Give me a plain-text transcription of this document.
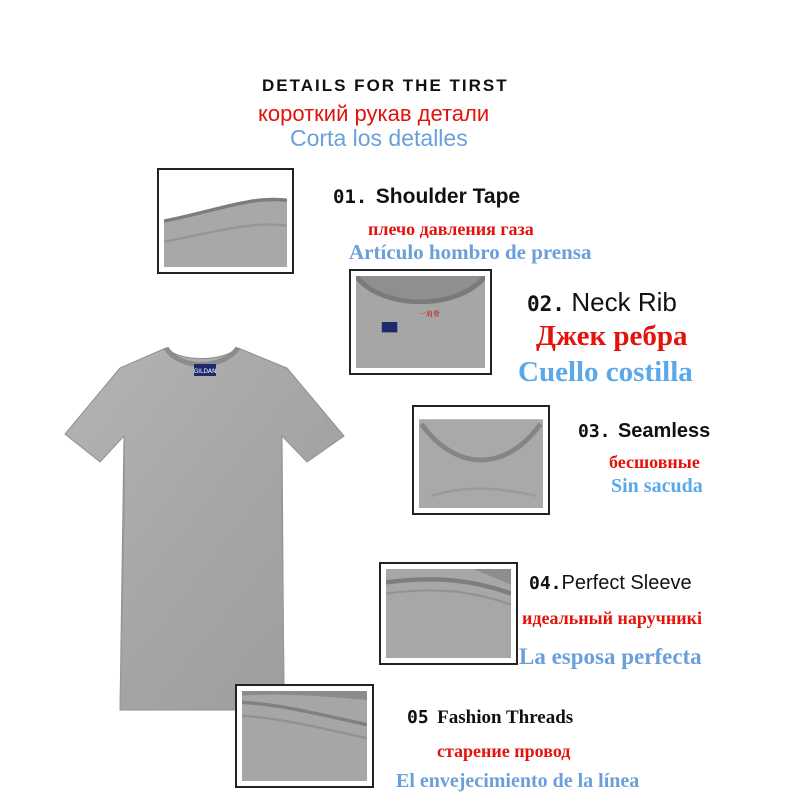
DETAILS FOR THE TIRST
короткий рукав детали
Corta los detalles
GILDAN
一肩骨
01. Shoulder Tape
плечо давления газа
Artículo hombro de prensa
02. Neck Rib
Джек ребра
Cuello costilla
03. Seamless
бесшовные
Sin sacuda
04.Perfect Sleeve
идеальный наручникі
La esposa perfecta
05 Fashion Threads
старение провод
El envejecimiento de la línea
